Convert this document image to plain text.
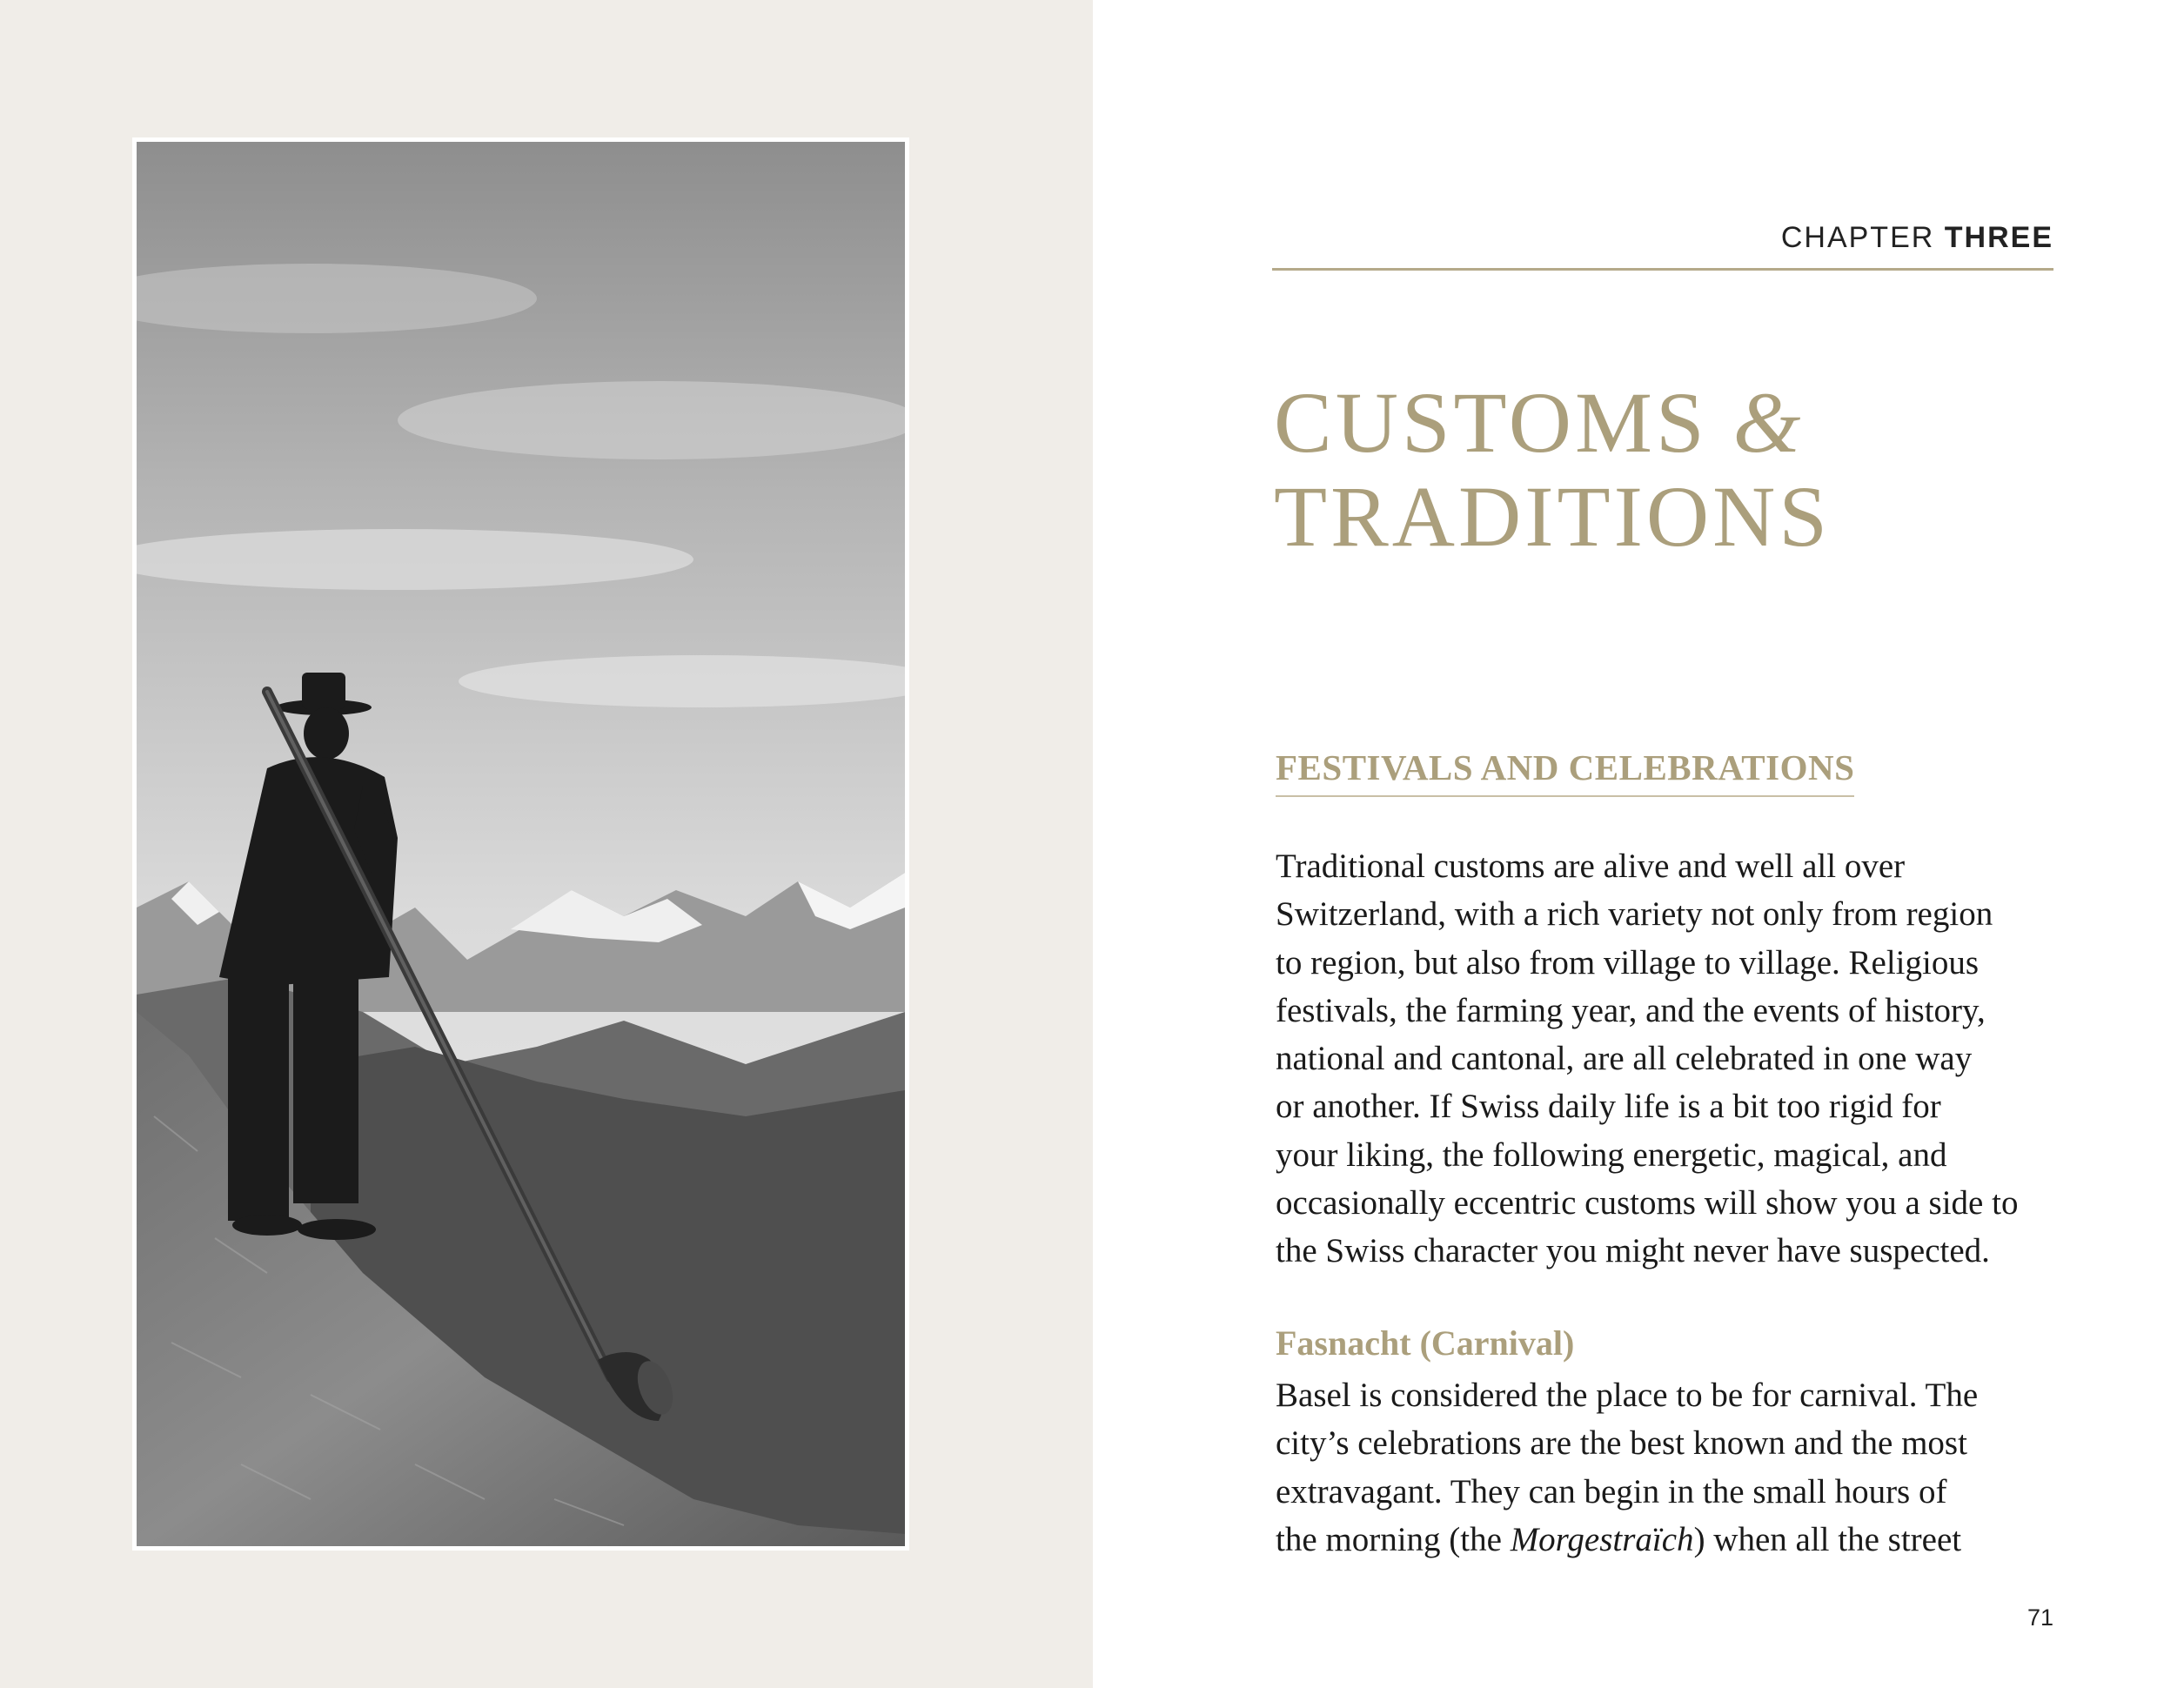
CHAPTER THREE
CUSTOMS &
TRADITIONS
FESTIVALS AND CELEBRATIONS

Traditional customs are alive and well all over
Switzerland, with a rich variety not only from region
to region, but also from village to village. Religious
festivals, the farming year, and the events of history,
national and cantonal, are all celebrated in one way
or another. If Swiss daily life is a bit too rigid for
your liking, the following energetic, magical, and
occasionally eccentric customs will show you a side to
the Swiss character you might never have suspected.

Fasnacht (Carnival)

Basel is considered the place to be for carnival. The
city’s celebrations are the best known and the most
extravagant. They can begin in the small hours of
the morning (the Morgestraïch) when all the street

71
